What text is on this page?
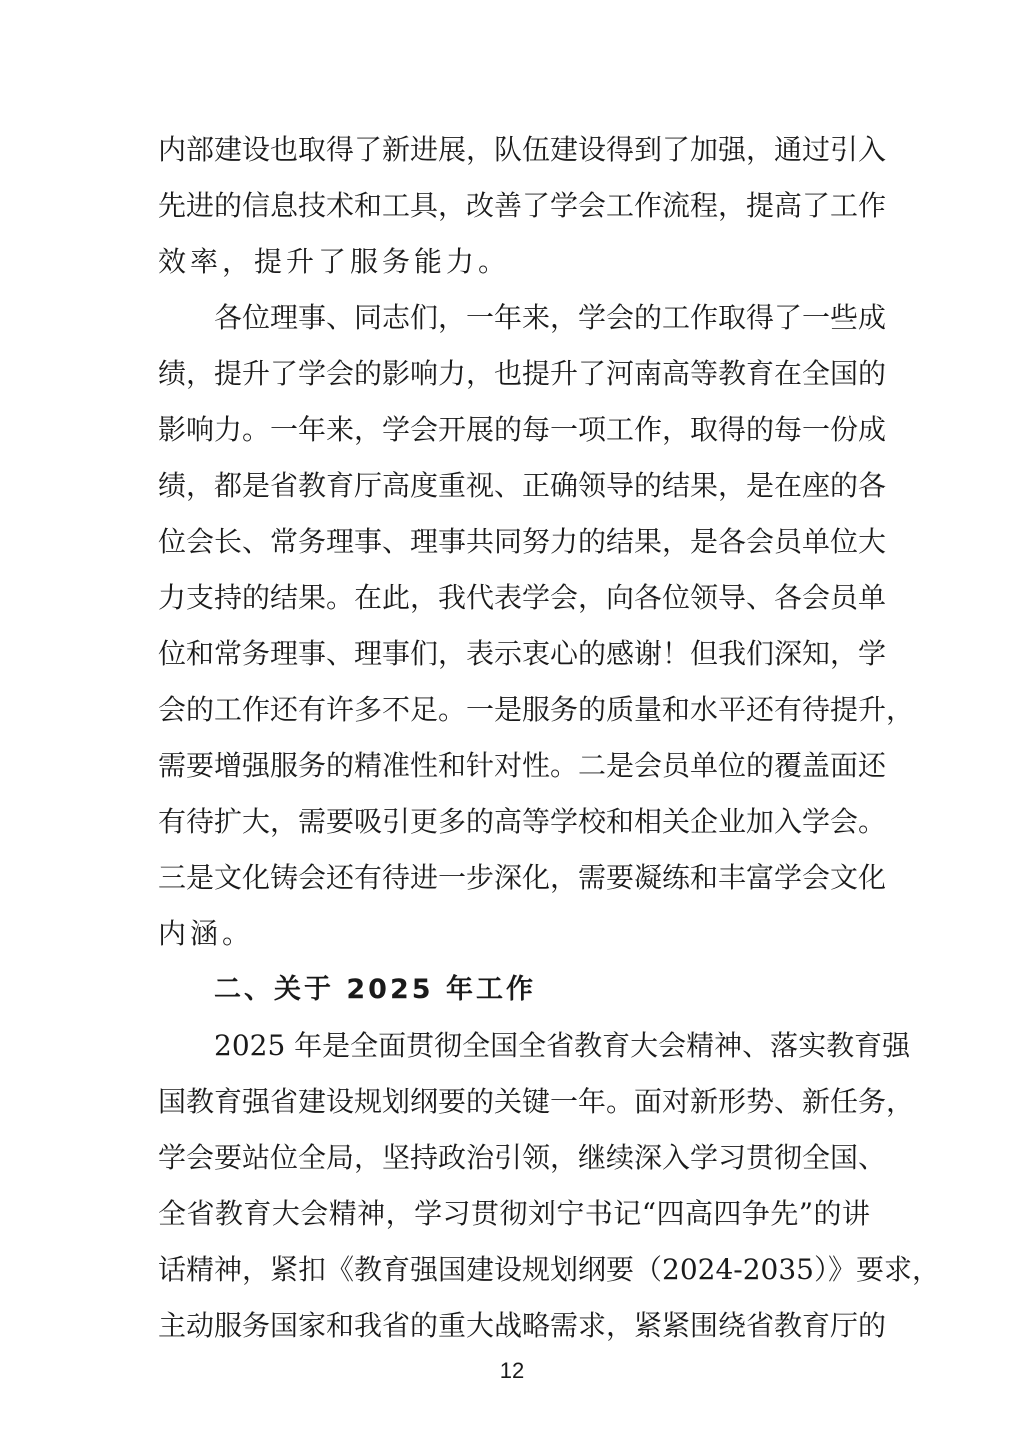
内部建设也取得了新进展，队伍建设得到了加强，通过引入
先进的信息技术和工具，改善了学会工作流程，提高了工作
效率，提升了服务能力。
各位理事、同志们，一年来，学会的工作取得了一些成
绩，提升了学会的影响力，也提升了河南高等教育在全国的
影响力。一年来，学会开展的每一项工作，取得的每一份成
绩，都是省教育厅高度重视、正确领导的结果，是在座的各
位会长、常务理事、理事共同努力的结果，是各会员单位大
力支持的结果。在此，我代表学会，向各位领导、各会员单
位和常务理事、理事们，表示衷心的感谢！但我们深知，学
会的工作还有许多不足。一是服务的质量和水平还有待提升，
需要增强服务的精准性和针对性。二是会员单位的覆盖面还
有待扩大，需要吸引更多的高等学校和相关企业加入学会。
三是文化铸会还有待进一步深化，需要凝练和丰富学会文化
内涵。
二、关于 2025 年工作
2025 年是全面贯彻全国全省教育大会精神、落实教育强
国教育强省建设规划纲要的关键一年。面对新形势、新任务，
学会要站位全局，坚持政治引领，继续深入学习贯彻全国、
全省教育大会精神，学习贯彻刘宁书记“四高四争先”的讲
话精神，紧扣《教育强国建设规划纲要（2024-2035）》要求，
主动服务国家和我省的重大战略需求，紧紧围绕省教育厅的
12
